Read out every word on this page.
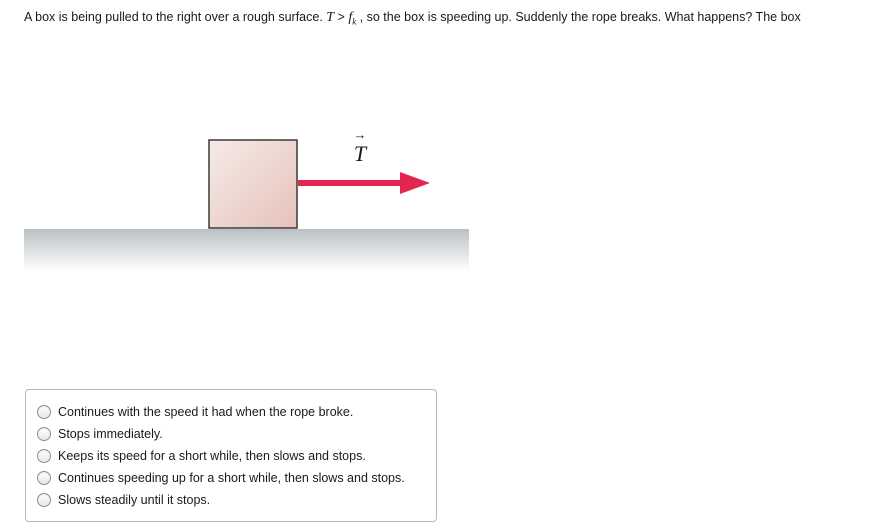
A box is being pulled to the right over a rough surface. $T > f_k$ , so the box is speeding up. Suddenly the rope breaks. What happens? The box
→
T
Continues with the speed it had when the rope broke.
Stops immediately.
Keeps its speed for a short while, then slows and stops.
Continues speeding up for a short while, then slows and stops.
Slows steadily until it stops.
